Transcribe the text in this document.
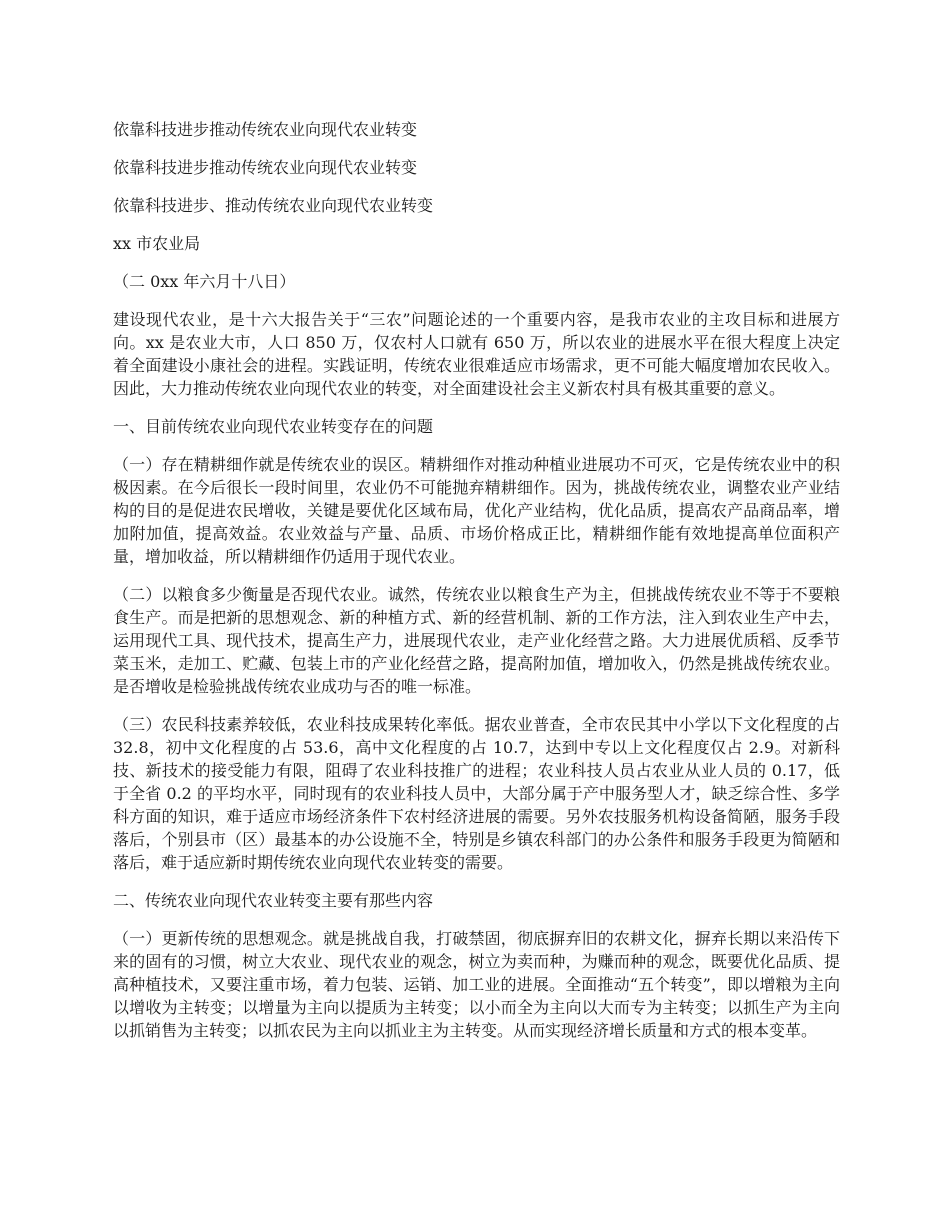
依靠科技进步推动传统农业向现代农业转变

依靠科技进步推动传统农业向现代农业转变

依靠科技进步、推动传统农业向现代农业转变

xx 市农业局

（二 0xx 年六月十八日）

建设现代农业，是十六大报告关于“三农”问题论述的一个重要内容，是我市农业的主攻目标和进展方向。xx 是农业大市，人口 850 万，仅农村人口就有 650 万，所以农业的进展水平在很大程度上决定着全面建设小康社会的进程。实践证明，传统农业很难适应市场需求，更不可能大幅度增加农民收入。因此，大力推动传统农业向现代农业的转变，对全面建设社会主义新农村具有极其重要的意义。

一、目前传统农业向现代农业转变存在的问题

（一）存在精耕细作就是传统农业的误区。精耕细作对推动种植业进展功不可灭，它是传统农业中的积极因素。在今后很长一段时间里，农业仍不可能抛弃精耕细作。因为，挑战传统农业，调整农业产业结构的目的是促进农民增收，关键是要优化区域布局，优化产业结构，优化品质，提高农产品商品率，增加附加值，提高效益。农业效益与产量、品质、市场价格成正比，精耕细作能有效地提高单位面积产量，增加收益，所以精耕细作仍适用于现代农业。

（二）以粮食多少衡量是否现代农业。诚然，传统农业以粮食生产为主，但挑战传统农业不等于不要粮食生产。而是把新的思想观念、新的种植方式、新的经营机制、新的工作方法，注入到农业生产中去，运用现代工具、现代技术，提高生产力，进展现代农业，走产业化经营之路。大力进展优质稻、反季节菜玉米，走加工、贮藏、包装上市的产业化经营之路，提高附加值，增加收入，仍然是挑战传统农业。是否增收是检验挑战传统农业成功与否的唯一标准。

（三）农民科技素养较低，农业科技成果转化率低。据农业普查，全市农民其中小学以下文化程度的占 32.8，初中文化程度的占 53.6，高中文化程度的占 10.7，达到中专以上文化程度仅占 2.9。对新科技、新技术的接受能力有限，阻碍了农业科技推广的进程；农业科技人员占农业从业人员的 0.17，低于全省 0.2 的平均水平，同时现有的农业科技人员中，大部分属于产中服务型人才，缺乏综合性、多学科方面的知识，难于适应市场经济条件下农村经济进展的需要。另外农技服务机构设备简陋，服务手段落后，个别县市（区）最基本的办公设施不全，特别是乡镇农科部门的办公条件和服务手段更为简陋和落后，难于适应新时期传统农业向现代农业转变的需要。

二、传统农业向现代农业转变主要有那些内容

（一）更新传统的思想观念。就是挑战自我，打破禁固，彻底摒弃旧的农耕文化，摒弃长期以来沿传下来的固有的习惯，树立大农业、现代农业的观念，树立为卖而种，为赚而种的观念，既要优化品质、提高种植技术，又要注重市场，着力包装、运销、加工业的进展。全面推动“五个转变”，即以增粮为主向以增收为主转变；以增量为主向以提质为主转变；以小而全为主向以大而专为主转变；以抓生产为主向以抓销售为主转变；以抓农民为主向以抓业主为主转变。从而实现经济增长质量和方式的根本变革。
